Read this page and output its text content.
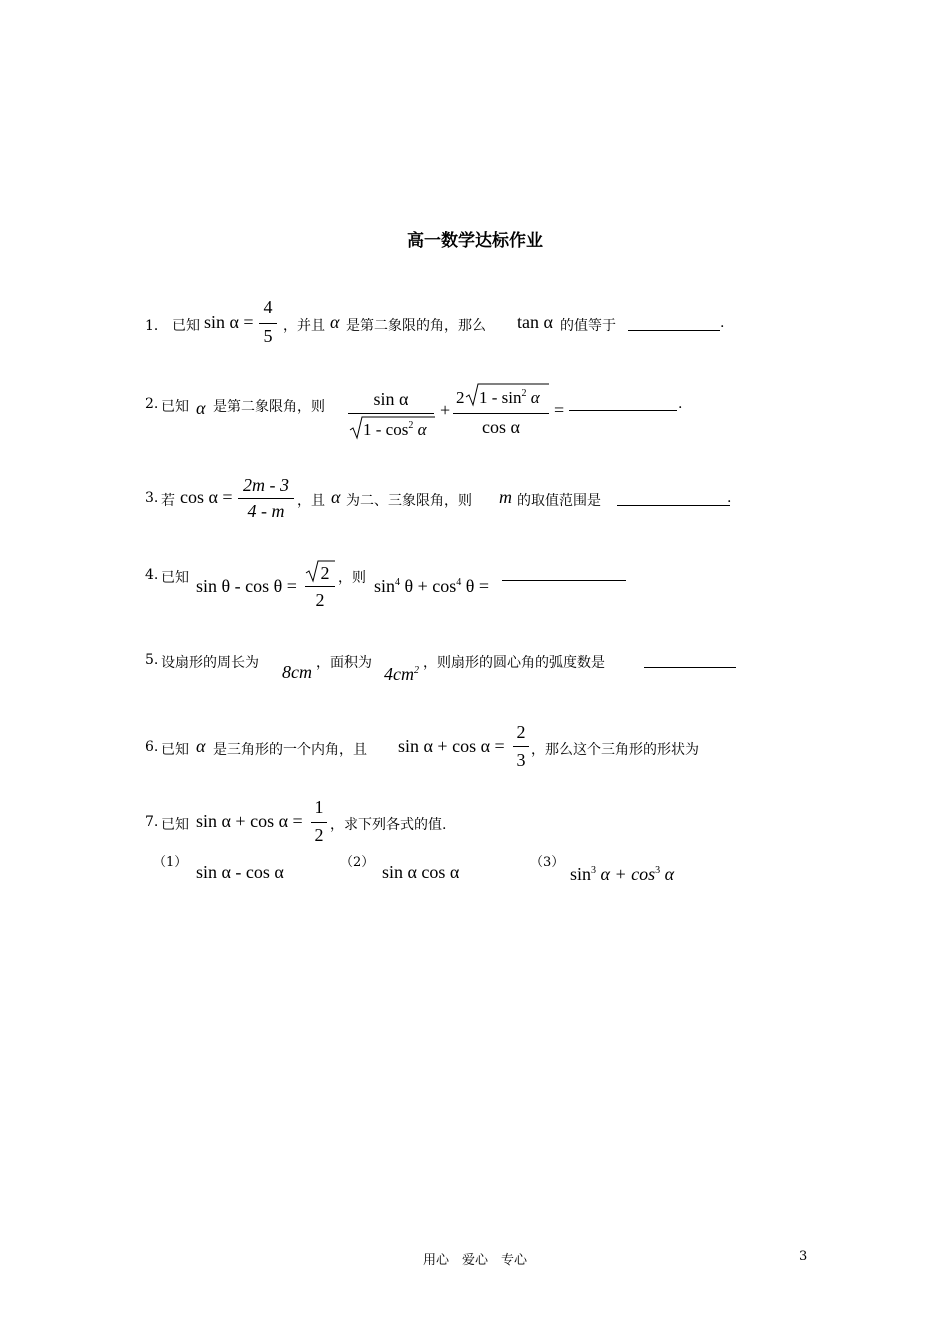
高一数学达标作业
1． 已知 sin α =
4
5 ，并且 α 是第二象限的角，那么 tan α 的值等于	.
2. 已知 α 是第二象限角，则	sin α
$1 - \cos^2 \alpha$
+
2 $1 - \sin^2 \alpha$
cos α
=	.
3. 若 cos α =
2m - 3
4 - m ，且 α 为二、三象限角，则 m 的取值范围是	.
4. 已知 sin θ - cos θ =
2
2
，则 $\sin^4 \theta + \cos^4 \theta$ =
5. 设扇形的周长为 8cm ，面积为
$4cm^2$ ，则扇形的圆心角的弧度数是
6. 已知 α 是三角形的一个内角，且 sin α + cos α =
2
3 ，那么这个三角形的形状为
7. 已知 sin α + cos α =
1
2 ，求下列各式的值.
（1） sin α - cos α	（2） sin α cos α	（3）
$\sin^3 \alpha + \cos^3 \alpha$
用心　爱心　专心	3
